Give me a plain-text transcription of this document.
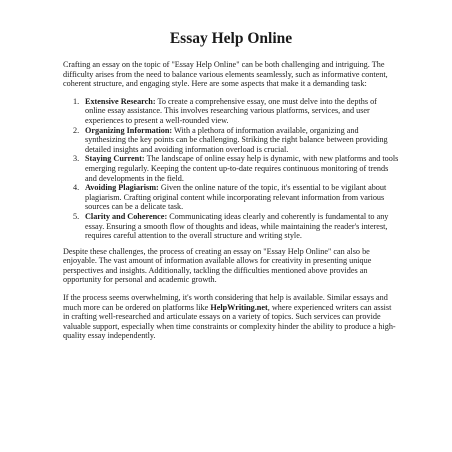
Essay Help Online

Crafting an essay on the topic of "Essay Help Online" can be both challenging and intriguing. The difficulty arises from the need to balance various elements seamlessly, such as informative content, coherent structure, and engaging style. Here are some aspects that make it a demanding task:

1. Extensive Research: To create a comprehensive essay, one must delve into the depths of online essay assistance. This involves researching various platforms, services, and user experiences to present a well-rounded view.
2. Organizing Information: With a plethora of information available, organizing and synthesizing the key points can be challenging. Striking the right balance between providing detailed insights and avoiding information overload is crucial.
3. Staying Current: The landscape of online essay help is dynamic, with new platforms and tools emerging regularly. Keeping the content up-to-date requires continuous monitoring of trends and developments in the field.
4. Avoiding Plagiarism: Given the online nature of the topic, it's essential to be vigilant about plagiarism. Crafting original content while incorporating relevant information from various sources can be a delicate task.
5. Clarity and Coherence: Communicating ideas clearly and coherently is fundamental to any essay. Ensuring a smooth flow of thoughts and ideas, while maintaining the reader's interest, requires careful attention to the overall structure and writing style.

Despite these challenges, the process of creating an essay on "Essay Help Online" can also be enjoyable. The vast amount of information available allows for creativity in presenting unique perspectives and insights. Additionally, tackling the difficulties mentioned above provides an opportunity for personal and academic growth.

If the process seems overwhelming, it's worth considering that help is available. Similar essays and much more can be ordered on platforms like HelpWriting.net, where experienced writers can assist in crafting well-researched and articulate essays on a variety of topics. Such services can provide valuable support, especially when time constraints or complexity hinder the ability to produce a high-quality essay independently.
